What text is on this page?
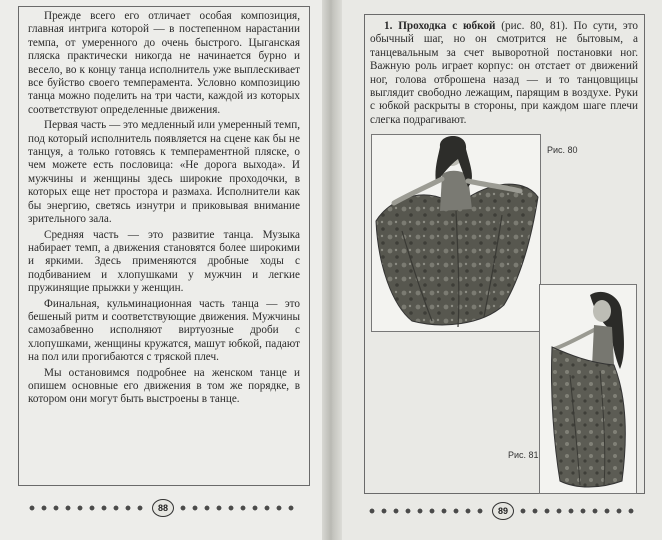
Прежде всего его отличает особая композиция, главная интрига которой — в постепенном нарастании темпа, от умеренного до очень быстрого. Цыганская пляска практически никогда не начинается бурно и весело, во к концу танца исполнитель уже выплескивает все буйство своего темперамента. Условно композицию танца можно поделить на три части, каждой из которых соответствуют определенные движения.

Первая часть — это медленный или умеренный темп, под который исполнитель появляется на сцене как бы не танцуя, а только готовясь к темпераментной пляске, о чем можете есть пословица: «Не дорога выхода». И мужчины и женщины здесь широкие проходочки, в которых еще нет простора и размаха. Исполнители как бы энергию, светясь изнутри и приковывая внимание зрительного зала.

Средняя часть — это развитие танца. Музыка набирает темп, а движения становятся более широкими и яркими. Здесь применяются дробные ходы с подбиванием и хлопушками у мужчин и легкие пружинящие прыжки у женщин.

Финальная, кульминационная часть танца — это бешеный ритм и соответствующие движения. Мужчины самозабвенно исполняют виртуозные дроби с хлопушками, женщины кружатся, машут юбкой, падают на пол или прогибаются с тряской плеч.

Мы остановимся подробнее на женском танце и опишем основные его движения в том же порядке, в котором они могут быть выстроены в танце.

1. Проходка с юбкой (рис. 80, 81). По сути, это обычный шаг, но он смотрится не бытовым, а танцевальным за счет выворотной постановки ног. Важную роль играет корпус: он отстает от движений ног, голова отброшена назад — и то танцовщицы выглядит свободно лежащим, парящим в воздухе. Руки с юбкой раскрыты в стороны, при каждом шаге плечи слегка подрагивают.

Рис. 80
Рис. 81
88	89
